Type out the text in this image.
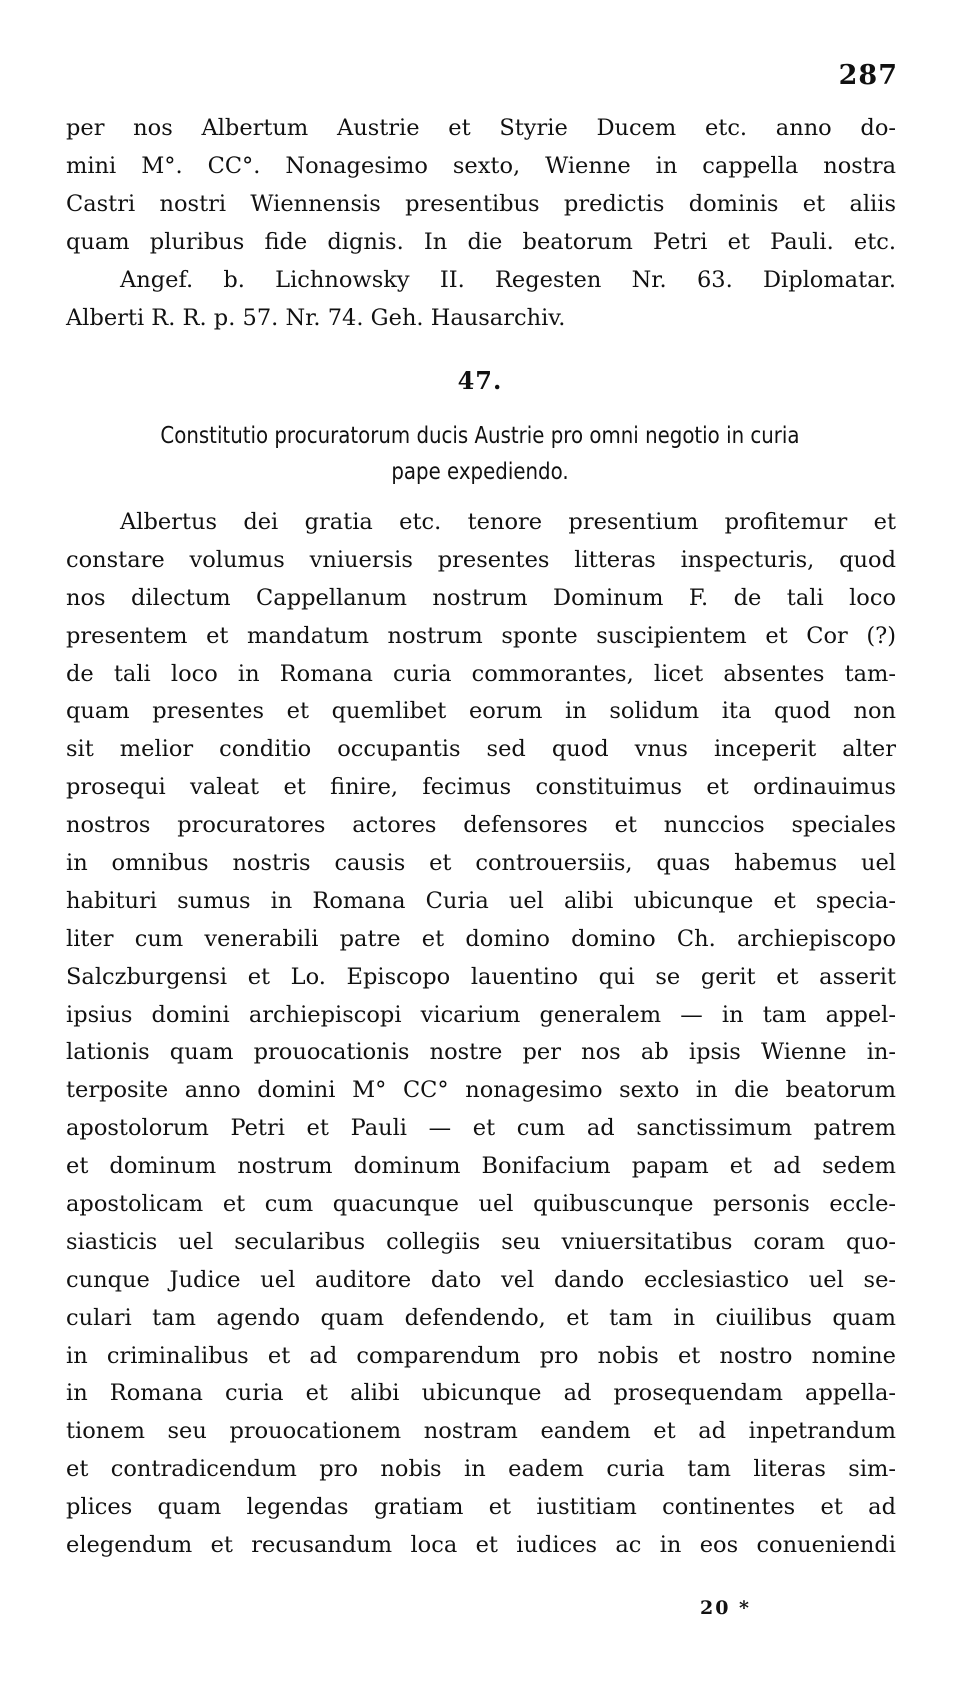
287
per nos Albertum Austrie et Styrie Ducem etc. anno do-
mini M°. CC°. Nonagesimo sexto, Wienne in cappella nostra
Castri nostri Wiennensis presentibus predictis dominis et aliis
quam pluribus fide dignis. In die beatorum Petri et Pauli. etc.
Angef. b. Lichnowsky II. Regesten Nr. 63. Diplomatar.
Alberti R. R. p. 57. Nr. 74. Geh. Hausarchiv.
47.
Constitutio procuratorum ducis Austrie pro omni negotio in curia
pape expediendo.
Albertus dei gratia etc. tenore presentium profitemur et
constare volumus vniuersis presentes litteras inspecturis, quod
nos dilectum Cappellanum nostrum Dominum F. de tali loco
presentem et mandatum nostrum sponte suscipientem et Cor (?)
de tali loco in Romana curia commorantes, licet absentes tam-
quam presentes et quemlibet eorum in solidum ita quod non
sit melior conditio occupantis sed quod vnus inceperit alter
prosequi valeat et finire, fecimus constituimus et ordinauimus
nostros procuratores actores defensores et nunccios speciales
in omnibus nostris causis et controuersiis, quas habemus uel
habituri sumus in Romana Curia uel alibi ubicunque et specia-
liter cum venerabili patre et domino domino Ch. archiepiscopo
Salczburgensi et Lo. Episcopo lauentino qui se gerit et asserit
ipsius domini archiepiscopi vicarium generalem — in tam appel-
lationis quam prouocationis nostre per nos ab ipsis Wienne in-
terposite anno domini M° CC° nonagesimo sexto in die beatorum
apostolorum Petri et Pauli — et cum ad sanctissimum patrem
et dominum nostrum dominum Bonifacium papam et ad sedem
apostolicam et cum quacunque uel quibuscunque personis eccle-
siasticis uel secularibus collegiis seu vniuersitatibus coram quo-
cunque Judice uel auditore dato vel dando ecclesiastico uel se-
culari tam agendo quam defendendo, et tam in ciuilibus quam
in criminalibus et ad comparendum pro nobis et nostro nomine
in Romana curia et alibi ubicunque ad prosequendam appella-
tionem seu prouocationem nostram eandem et ad inpetrandum
et contradicendum pro nobis in eadem curia tam literas sim-
plices quam legendas gratiam et iustitiam continentes et ad
elegendum et recusandum loca et iudices ac in eos conueniendi
20 *
